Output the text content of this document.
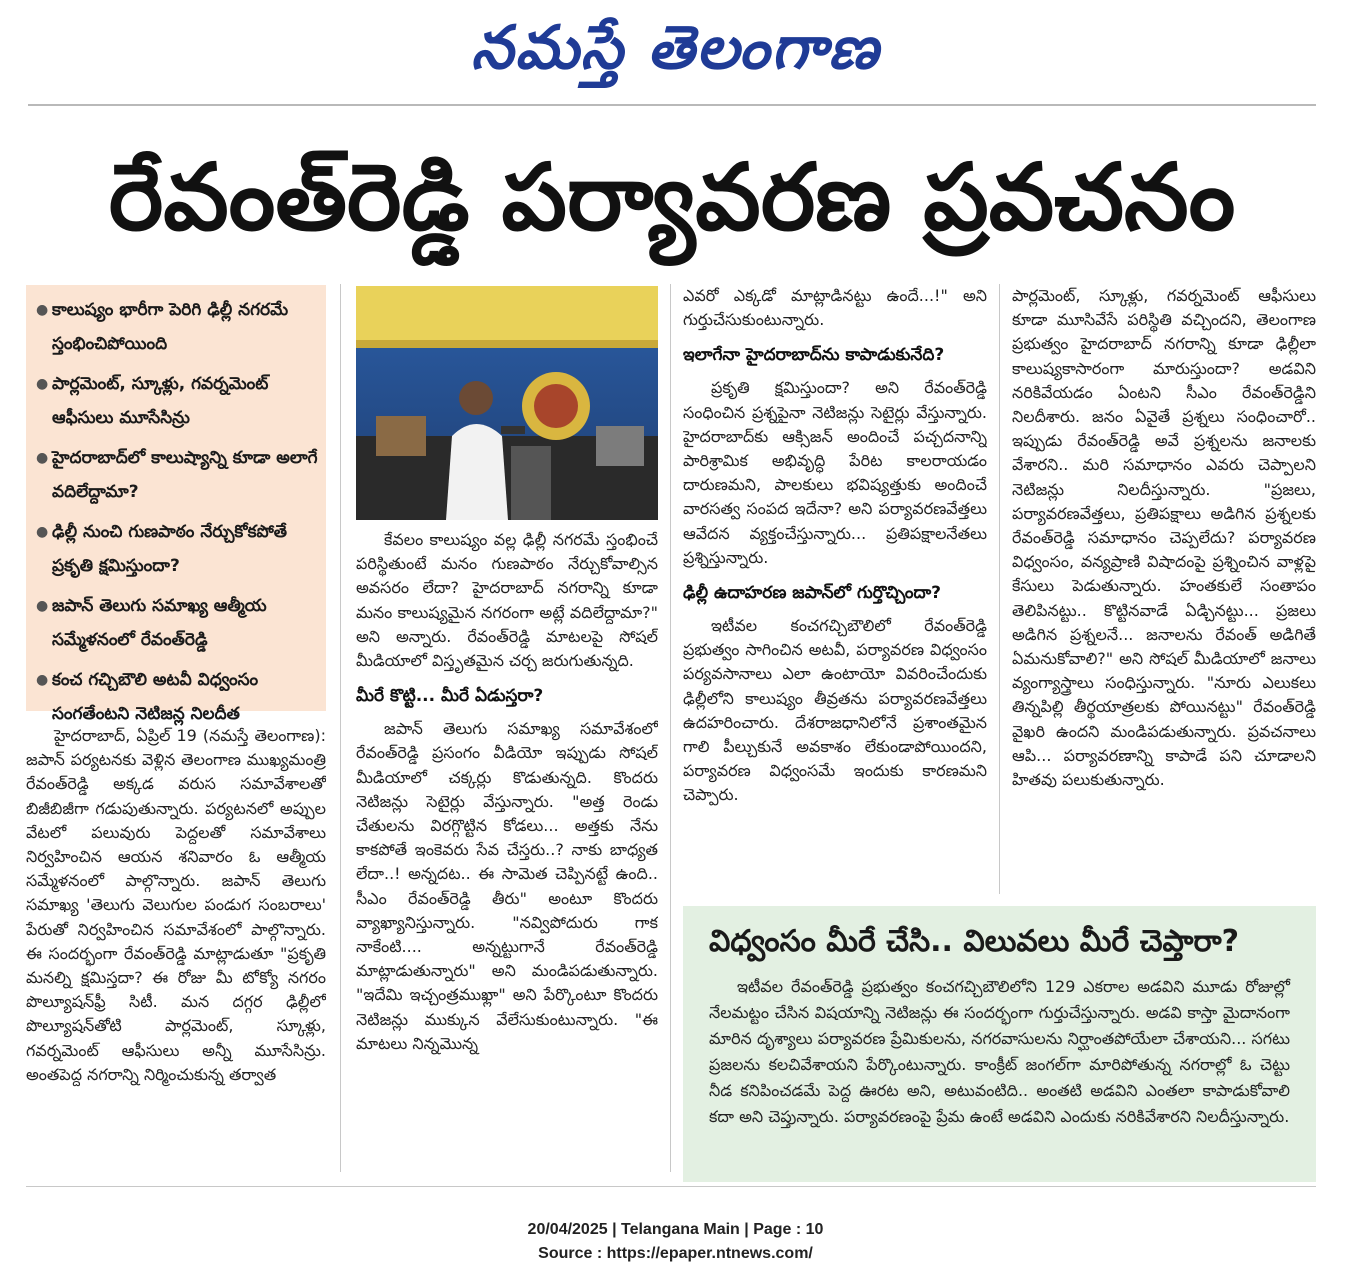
నమస్తే తెలంగాణ
రేవంత్‌రెడ్డి పర్యావరణ ప్రవచనం
● కాలుష్యం భారీగా పెరిగి ఢిల్లీ నగరమే స్తంభించిపోయింది
● పార్లమెంట్, స్కూళ్లు, గవర్నమెంట్ ఆఫీసులు మూసేసిన్రు
● హైదరాబాద్‌లో కాలుష్యాన్ని కూడా అలాగే వదిలేద్దామా?
● ఢిల్లీ నుంచి గుణపాఠం నేర్చుకోకపోతే ప్రకృతి క్షమిస్తుందా?
● జపాన్ తెలుగు సమాఖ్య ఆత్మీయ సమ్మేళనంలో రేవంత్‌రెడ్డి
● కంచ గచ్చిబౌలి అటవీ విధ్వంసం సంగతేంటని నెటిజన్ల నిలదీత

హైదరాబాద్, ఏప్రిల్ 19 (నమస్తే తెలంగాణ): జపాన్ పర్యటనకు వెళ్లిన తెలంగాణ ముఖ్యమంత్రి రేవంత్‌రెడ్డి అక్కడ వరుస సమావేశాలతో బిజీబిజీగా గడుపుతున్నారు. పర్యటనలో అప్పుల వేటలో పలువురు పెద్దలతో సమావేశాలు నిర్వహించిన ఆయన శనివారం ఓ ఆత్మీయ సమ్మేళనంలో పాల్గొన్నారు. జపాన్ తెలుగు సమాఖ్య 'తెలుగు వెలుగుల పండుగ సంబరాలు' పేరుతో నిర్వహించిన సమావేశంలో పాల్గొన్నారు. ఈ సందర్భంగా రేవంత్‌రెడ్డి మాట్లాడుతూ "ప్రకృతి మనల్ని క్షమిస్తదా? ఈ రోజు మీ టోక్యో నగరం పొల్యూషన్‌ఫ్రీ సిటీ. మన దగ్గర ఢిల్లీలో పొల్యూషన్‌తోటి పార్లమెంట్, స్కూళ్లు, గవర్నమెంట్ ఆఫీసులు అన్నీ మూసేసిన్రు. అంతపెద్ద నగరాన్ని నిర్మించుకున్న తర్వాత

కేవలం కాలుష్యం వల్ల ఢిల్లీ నగరమే స్తంభించే పరిస్థితుంటే మనం గుణపాఠం నేర్చుకోవాల్సిన అవసరం లేదా? హైదరాబాద్ నగరాన్ని కూడా మనం కాలుష్యమైన నగరంగా అట్లే వదిలేద్దామా?" అని అన్నారు. రేవంత్‌రెడ్డి మాటలపై సోషల్ మీడియాలో విస్తృతమైన చర్చ జరుగుతున్నది.

మీరే కొట్టి... మీరే ఏడుస్తరా?

జపాన్ తెలుగు సమాఖ్య సమావేశంలో రేవంత్‌రెడ్డి ప్రసంగం వీడియో ఇప్పుడు సోషల్ మీడియాలో చక్కర్లు కొడుతున్నది. కొందరు నెటిజన్లు సెటైర్లు వేస్తున్నారు. "అత్త రెండు చేతులను విరగ్గొట్టిన కోడలు... అత్తకు నేను కాకపోతే ఇంకెవరు సేవ చేస్తరు..? నాకు బాధ్యత లేదా..! అన్నదట.. ఈ సామెత చెప్పినట్టే ఉంది.. సీఎం రేవంత్‌రెడ్డి తీరు" అంటూ కొందరు వ్యాఖ్యానిస్తున్నారు. "నవ్విపోదురు గాక నాకేంటి.... అన్నట్టుగానే రేవంత్‌రెడ్డి మాట్లాడుతున్నారు" అని మండిపడుతున్నారు. "ఇదేమి ఇచ్చంత్రముఖ్లా" అని పేర్కొంటూ కొందరు నెటిజన్లు ముక్కున వేలేసుకుంటున్నారు. "ఈ మాటలు నిన్నమొన్న

ఎవరో ఎక్కడో మాట్లాడినట్టు ఉందే...!" అని గుర్తుచేసుకుంటున్నారు.

ఇలాగేనా హైదరాబాద్‌ను కాపాడుకునేది?

ప్రకృతి క్షమిస్తుందా? అని రేవంత్‌రెడ్డి సంధించిన ప్రశ్నపైనా నెటిజన్లు సెటైర్లు వేస్తున్నారు. హైదరాబాద్‌కు ఆక్సిజన్ అందించే పచ్చదనాన్ని పారిశ్రామిక అభివృద్ధి పేరిట కాలరాయడం దారుణమని, పాలకులు భవిష్యత్తుకు అందించే వారసత్వ సంపద ఇదేనా? అని పర్యావరణవేత్తలు ఆవేదన వ్యక్తంచేస్తున్నారు... ప్రతిపక్షాలనేతలు ప్రశ్నిస్తున్నారు.

ఢిల్లీ ఉదాహరణ జపాన్‌లో గుర్తొచ్చిందా?

ఇటీవల కంచగచ్చిబౌలిలో రేవంత్‌రెడ్డి ప్రభుత్వం సాగించిన అటవీ, పర్యావరణ విధ్వంసం పర్యవసానాలు ఎలా ఉంటాయో వివరించేందుకు ఢిల్లీలోని కాలుష్యం తీవ్రతను పర్యావరణవేత్తలు ఉదహరించారు. దేశరాజధానిలోనే ప్రశాంతమైన గాలి పీల్చుకునే అవకాశం లేకుండాపోయిందని, పర్యావరణ విధ్వంసమే ఇందుకు కారణమని చెప్పారు.

పార్లమెంట్, స్కూళ్లు, గవర్నమెంట్ ఆఫీసులు కూడా మూసివేసే పరిస్థితి వచ్చిందని, తెలంగాణ ప్రభుత్వం హైదరాబాద్ నగరాన్ని కూడా ఢిల్లీలా కాలుష్యకాసారంగా మారుస్తుందా? అడవిని నరికివేయడం ఏంటని సీఎం రేవంత్‌రెడ్డిని నిలదీశారు. జనం ఏవైతే ప్రశ్నలు సంధించారో.. ఇప్పుడు రేవంత్‌రెడ్డి అవే ప్రశ్నలను జనాలకు వేశారని.. మరి సమాధానం ఎవరు చెప్పాలని నెటిజన్లు నిలదీస్తున్నారు. "ప్రజలు, పర్యావరణవేత్తలు, ప్రతిపక్షాలు అడిగిన ప్రశ్నలకు రేవంత్‌రెడ్డి సమాధానం చెప్పలేదు? పర్యావరణ విధ్వంసం, వన్యప్రాణి విషాదంపై ప్రశ్నించిన వాళ్లపై కేసులు పెడుతున్నారు. హంతకులే సంతాపం తెలిపినట్టు.. కొట్టినవాడే ఏడ్చినట్టు... ప్రజలు అడిగిన ప్రశ్నలనే... జనాలను రేవంత్ అడిగితే ఏమనుకోవాలి?" అని సోషల్ మీడియాలో జనాలు వ్యంగ్యాస్త్రాలు సంధిస్తున్నారు. "నూరు ఎలుకలు తిన్నపిల్లి తీర్థయాత్రలకు పోయినట్టు" రేవంత్‌రెడ్డి వైఖరి ఉందని మండిపడుతున్నారు. ప్రవచనాలు ఆపి... పర్యావరణాన్ని కాపాడే పని చూడాలని హితవు పలుకుతున్నారు.

విధ్వంసం మీరే చేసి.. విలువలు మీరే చెప్తారా?
ఇటీవల రేవంత్‌రెడ్డి ప్రభుత్వం కంచగచ్చిబౌలిలోని 129 ఎకరాల అడవిని మూడు రోజుల్లో నేలమట్టం చేసిన విషయాన్ని నెటిజన్లు ఈ సందర్భంగా గుర్తుచేస్తున్నారు. అడవి కాస్తా మైదానంగా మారిన దృశ్యాలు పర్యావరణ ప్రేమికులను, నగరవాసులను నిర్ఘాంతపోయేలా చేశాయని... సగటు ప్రజలను కలచివేశాయని పేర్కొంటున్నారు. కాంక్రీట్ జంగల్‌గా మారిపోతున్న నగరాల్లో ఓ చెట్టు నీడ కనిపించడమే పెద్ద ఊరట అని, అటువంటిది.. అంతటి అడవిని ఎంతలా కాపాడుకోవాలి కదా అని చెప్తున్నారు. పర్యావరణంపై ప్రేమ ఉంటే అడవిని ఎందుకు నరికివేశారని నిలదీస్తున్నారు.
20/04/2025 | Telangana Main | Page : 10
Source : https://epaper.ntnews.com/
